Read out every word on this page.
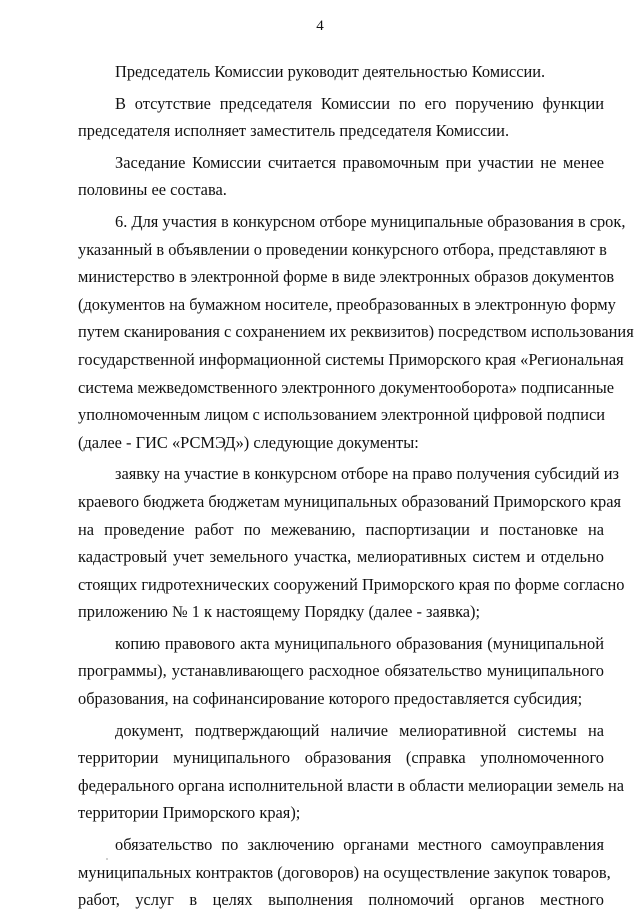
4
Председатель Комиссии руководит деятельностью Комиссии.
В отсутствие председателя Комиссии по его поручению функции
председателя исполняет заместитель председателя Комиссии.
Заседание Комиссии считается правомочным при участии не менее
половины ее состава.
6. Для участия в конкурсном отборе муниципальные образования в срок,
указанный в объявлении о проведении конкурсного отбора, представляют в
министерство в электронной форме в виде электронных образов документов
(документов на бумажном носителе, преобразованных в электронную форму
путем сканирования с сохранением их реквизитов) посредством использования
государственной информационной системы Приморского края «Региональная
система межведомственного электронного документооборота» подписанные
уполномоченным лицом с использованием электронной цифровой подписи
(далее - ГИС «РСМЭД») следующие документы:
заявку на участие в конкурсном отборе на право получения субсидий из
краевого бюджета бюджетам муниципальных образований Приморского края
на проведение работ по межеванию, паспортизации и постановке на
кадастровый учет земельного участка, мелиоративных систем и отдельно
стоящих гидротехнических сооружений Приморского края по форме согласно
приложению № 1 к настоящему Порядку (далее - заявка);
копию правового акта муниципального образования (муниципальной
программы), устанавливающего расходное обязательство муниципального
образования, на софинансирование которого предоставляется субсидия;
документ, подтверждающий наличие мелиоративной системы на
территории муниципального образования (справка уполномоченного
федерального органа исполнительной власти в области мелиорации земель на
территории Приморского края);
обязательство по заключению органами местного самоуправления
муниципальных контрактов (договоров) на осуществление закупок товаров,
работ, услуг в целях выполнения полномочий органов местного
